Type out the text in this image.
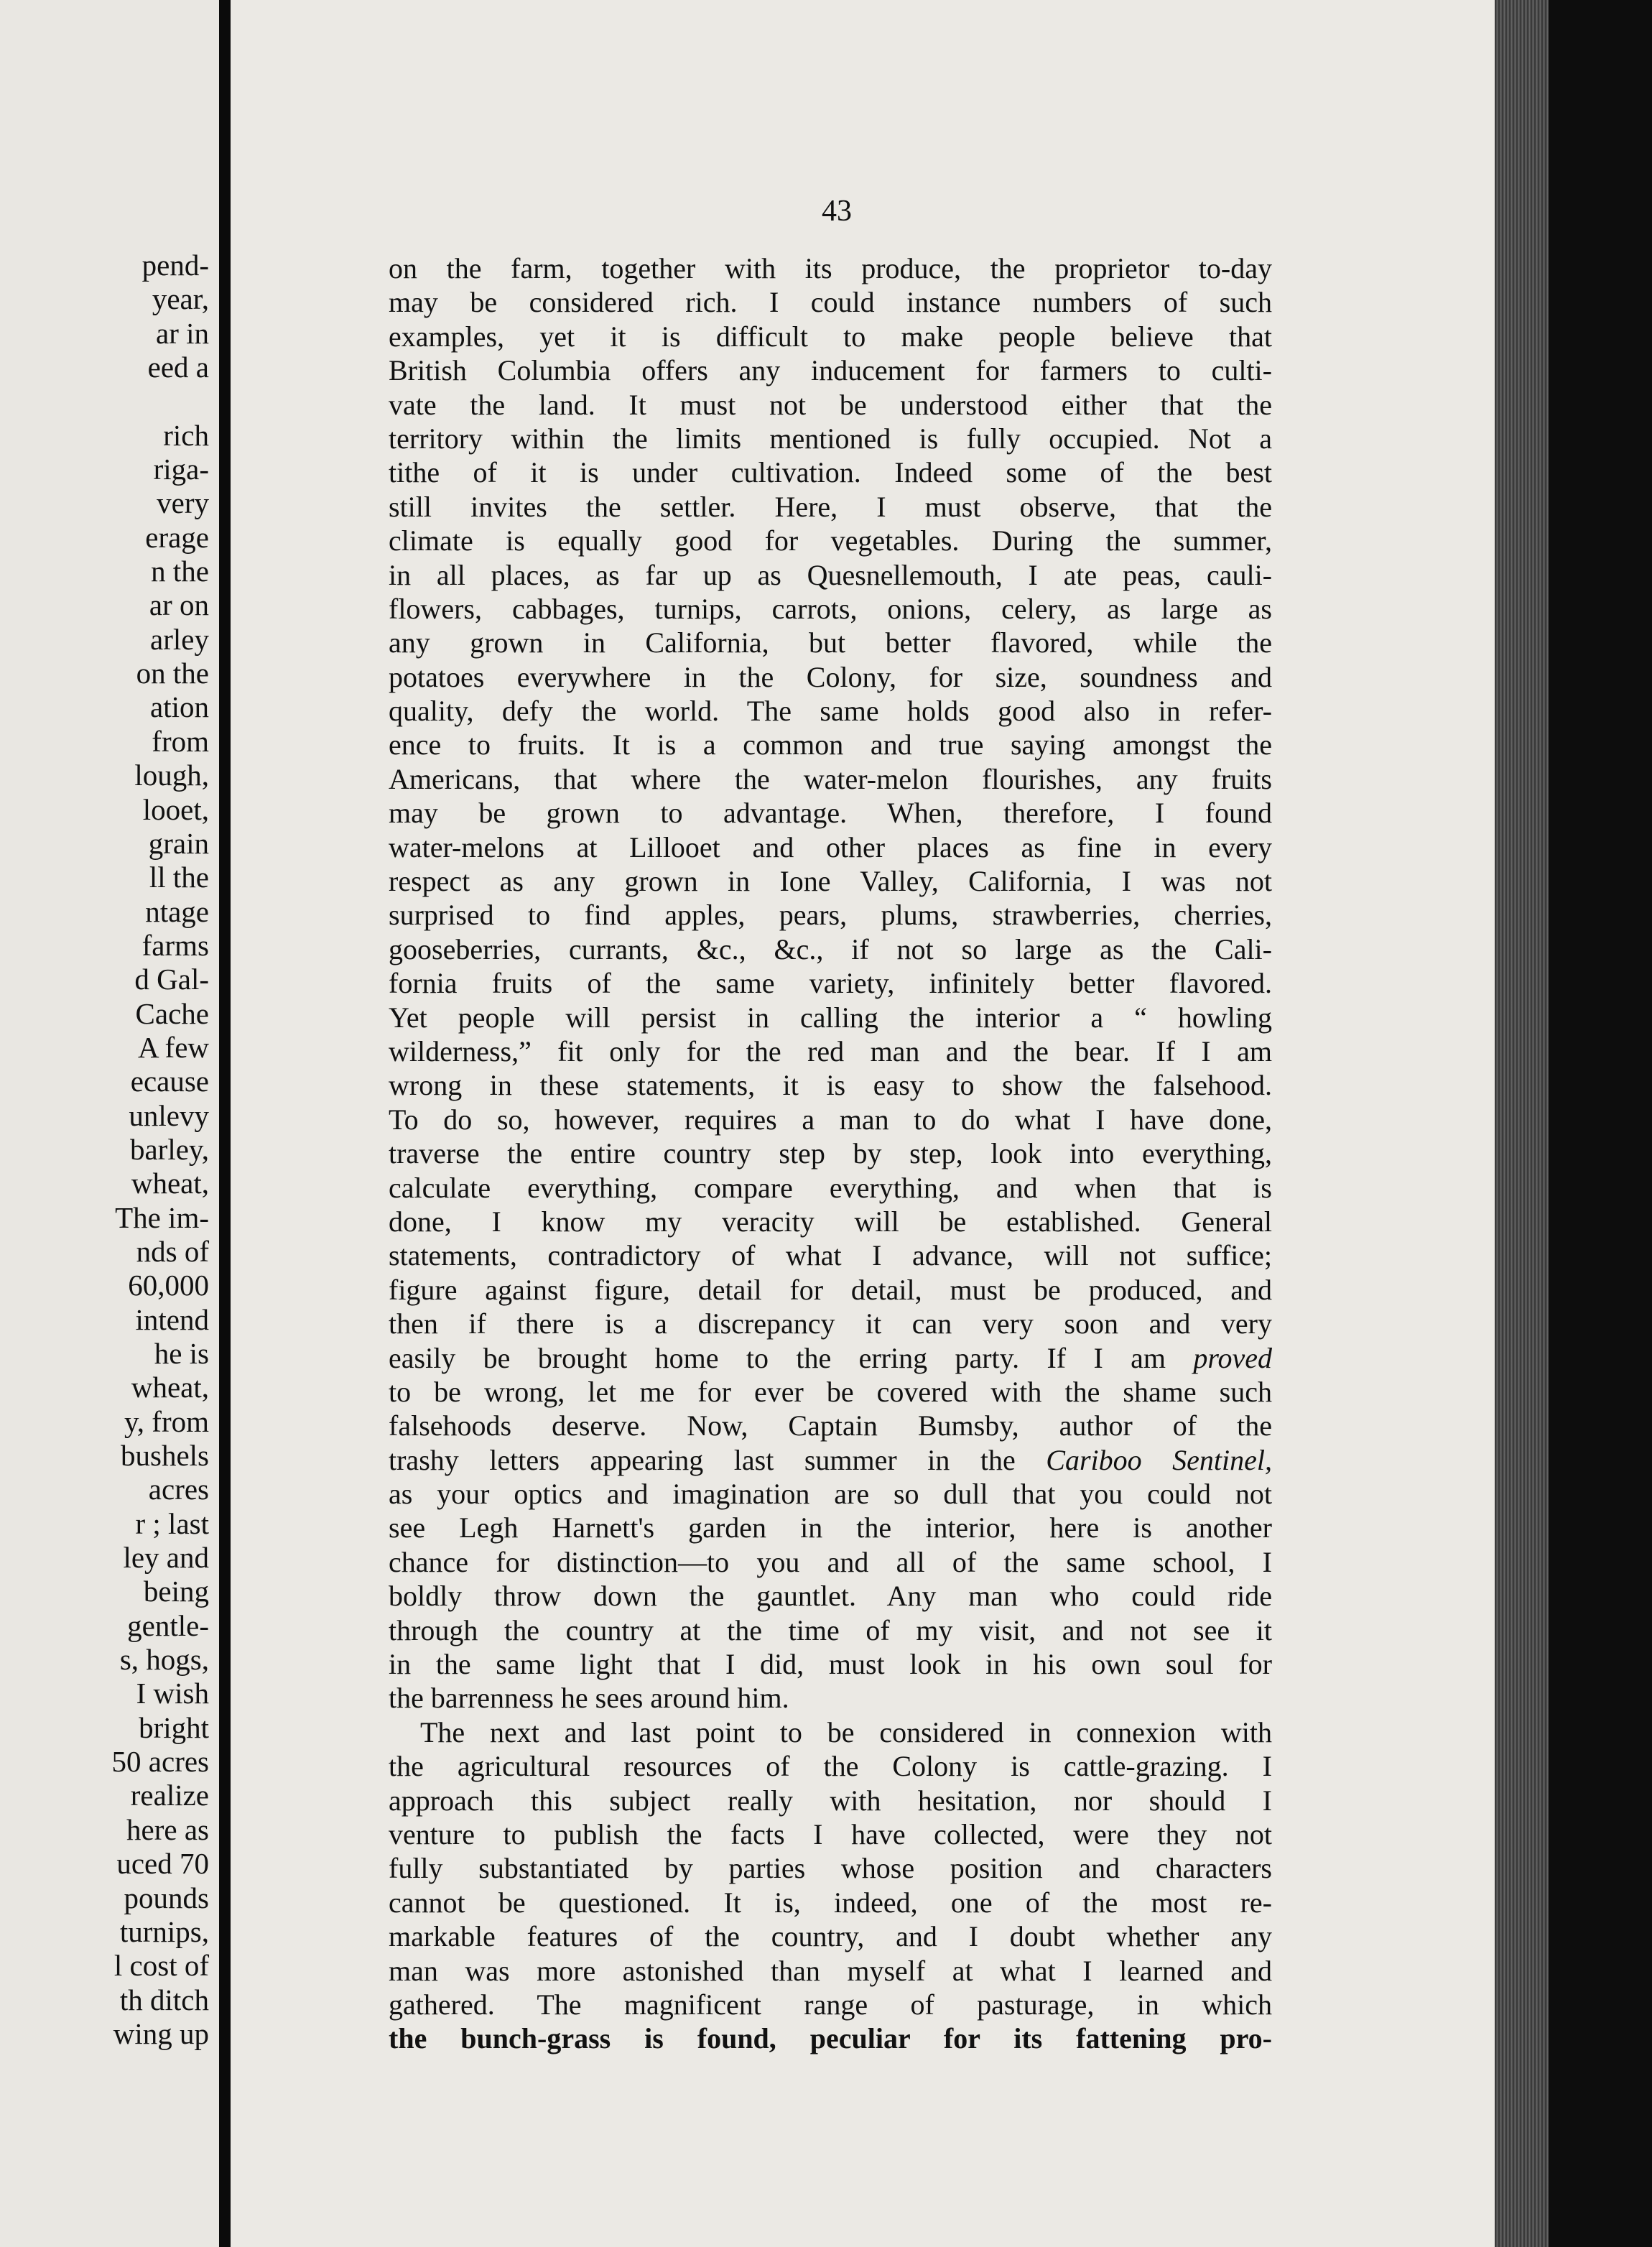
pend-
year,
ar in
eed a

rich
riga-
very
erage
n the
ar on
arley
on the
ation
from
lough,
looet,
grain
ll the
ntage
farms
d Gal-
Cache
A few
ecause
unlevy
barley,
wheat,
The im-
nds of
60,000
intend
he is
wheat,
y, from
bushels
acres
r ; last
ley and
being
gentle-
s, hogs,
I wish
bright
50 acres
realize
here as
uced 70
pounds
turnips,
l cost of
th ditch
wing up
43
on the farm, together with its produce, the proprietor to-day
may be considered rich. I could instance numbers of such
examples, yet it is difficult to make people believe that
British Columbia offers any inducement for farmers to culti-
vate the land. It must not be understood either that the
territory within the limits mentioned is fully occupied. Not a
tithe of it is under cultivation. Indeed some of the best
still invites the settler. Here, I must observe, that the
climate is equally good for vegetables. During the summer,
in all places, as far up as Quesnellemouth, I ate peas, cauli-
flowers, cabbages, turnips, carrots, onions, celery, as large as
any grown in California, but better flavored, while the
potatoes everywhere in the Colony, for size, soundness and
quality, defy the world. The same holds good also in refer-
ence to fruits. It is a common and true saying amongst the
Americans, that where the water-melon flourishes, any fruits
may be grown to advantage. When, therefore, I found
water-melons at Lillooet and other places as fine in every
respect as any grown in Ione Valley, California, I was not
surprised to find apples, pears, plums, strawberries, cherries,
gooseberries, currants, &c., &c., if not so large as the Cali-
fornia fruits of the same variety, infinitely better flavored.
Yet people will persist in calling the interior a “ howling
wilderness,” fit only for the red man and the bear. If I am
wrong in these statements, it is easy to show the falsehood.
To do so, however, requires a man to do what I have done,
traverse the entire country step by step, look into everything,
calculate everything, compare everything, and when that is
done, I know my veracity will be established. General
statements, contradictory of what I advance, will not suffice;
figure against figure, detail for detail, must be produced, and
then if there is a discrepancy it can very soon and very
easily be brought home to the erring party. If I am proved
to be wrong, let me for ever be covered with the shame such
falsehoods deserve. Now, Captain Bumsby, author of the
trashy letters appearing last summer in the Cariboo Sentinel,
as your optics and imagination are so dull that you could not
see Legh Harnett's garden in the interior, here is another
chance for distinction—to you and all of the same school, I
boldly throw down the gauntlet. Any man who could ride
through the country at the time of my visit, and not see it
in the same light that I did, must look in his own soul for
the barrenness he sees around him.
The next and last point to be considered in connexion with
the agricultural resources of the Colony is cattle-grazing. I
approach this subject really with hesitation, nor should I
venture to publish the facts I have collected, were they not
fully substantiated by parties whose position and characters
cannot be questioned. It is, indeed, one of the most re-
markable features of the country, and I doubt whether any
man was more astonished than myself at what I learned and
gathered. The magnificent range of pasturage, in which
the bunch-grass is found, peculiar for its fattening pro-
